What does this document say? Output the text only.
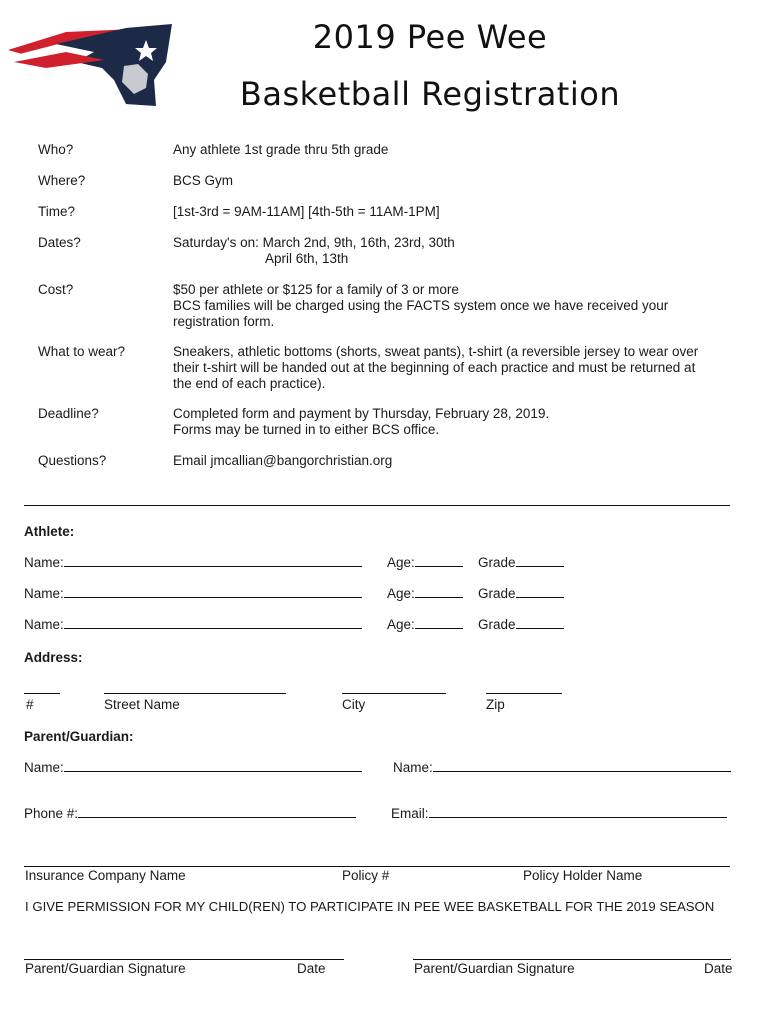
2019 Pee Wee
Basketball Registration
Who?	Any athlete 1st grade thru 5th grade
Where?	BCS Gym
Time?	[1st-3rd = 9AM-11AM] [4th-5th = 11AM-1PM]
Dates?	Saturday's on: March 2nd, 9th, 16th, 23rd, 30th
April 6th, 13th
Cost?	$50 per athlete or $125 for a family of 3 or more
BCS families will be charged using the FACTS system once we have received your
registration form.
What to wear?	Sneakers, athletic bottoms (shorts, sweat pants), t-shirt (a reversible jersey to wear over
their t-shirt will be handed out at the beginning of each practice and must be returned at
the end of each practice).
Deadline?	Completed form and payment by Thursday, February 28, 2019.
Forms may be turned in to either BCS office.
Questions?	Email jmcallian@bangorchristian.org
Athlete:
Name:	Age:	Grade
Name:	Age:	Grade
Name:	Age:	Grade
Address:
#	Street Name	City	Zip
Parent/Guardian:
Name:	Name:
Phone #:	Email:
Insurance Company Name	Policy #	Policy Holder Name
I GIVE PERMISSION FOR MY CHILD(REN) TO PARTICIPATE IN PEE WEE BASKETBALL FOR THE 2019 SEASON
Parent/Guardian Signature	Date	Parent/Guardian Signature	Date
